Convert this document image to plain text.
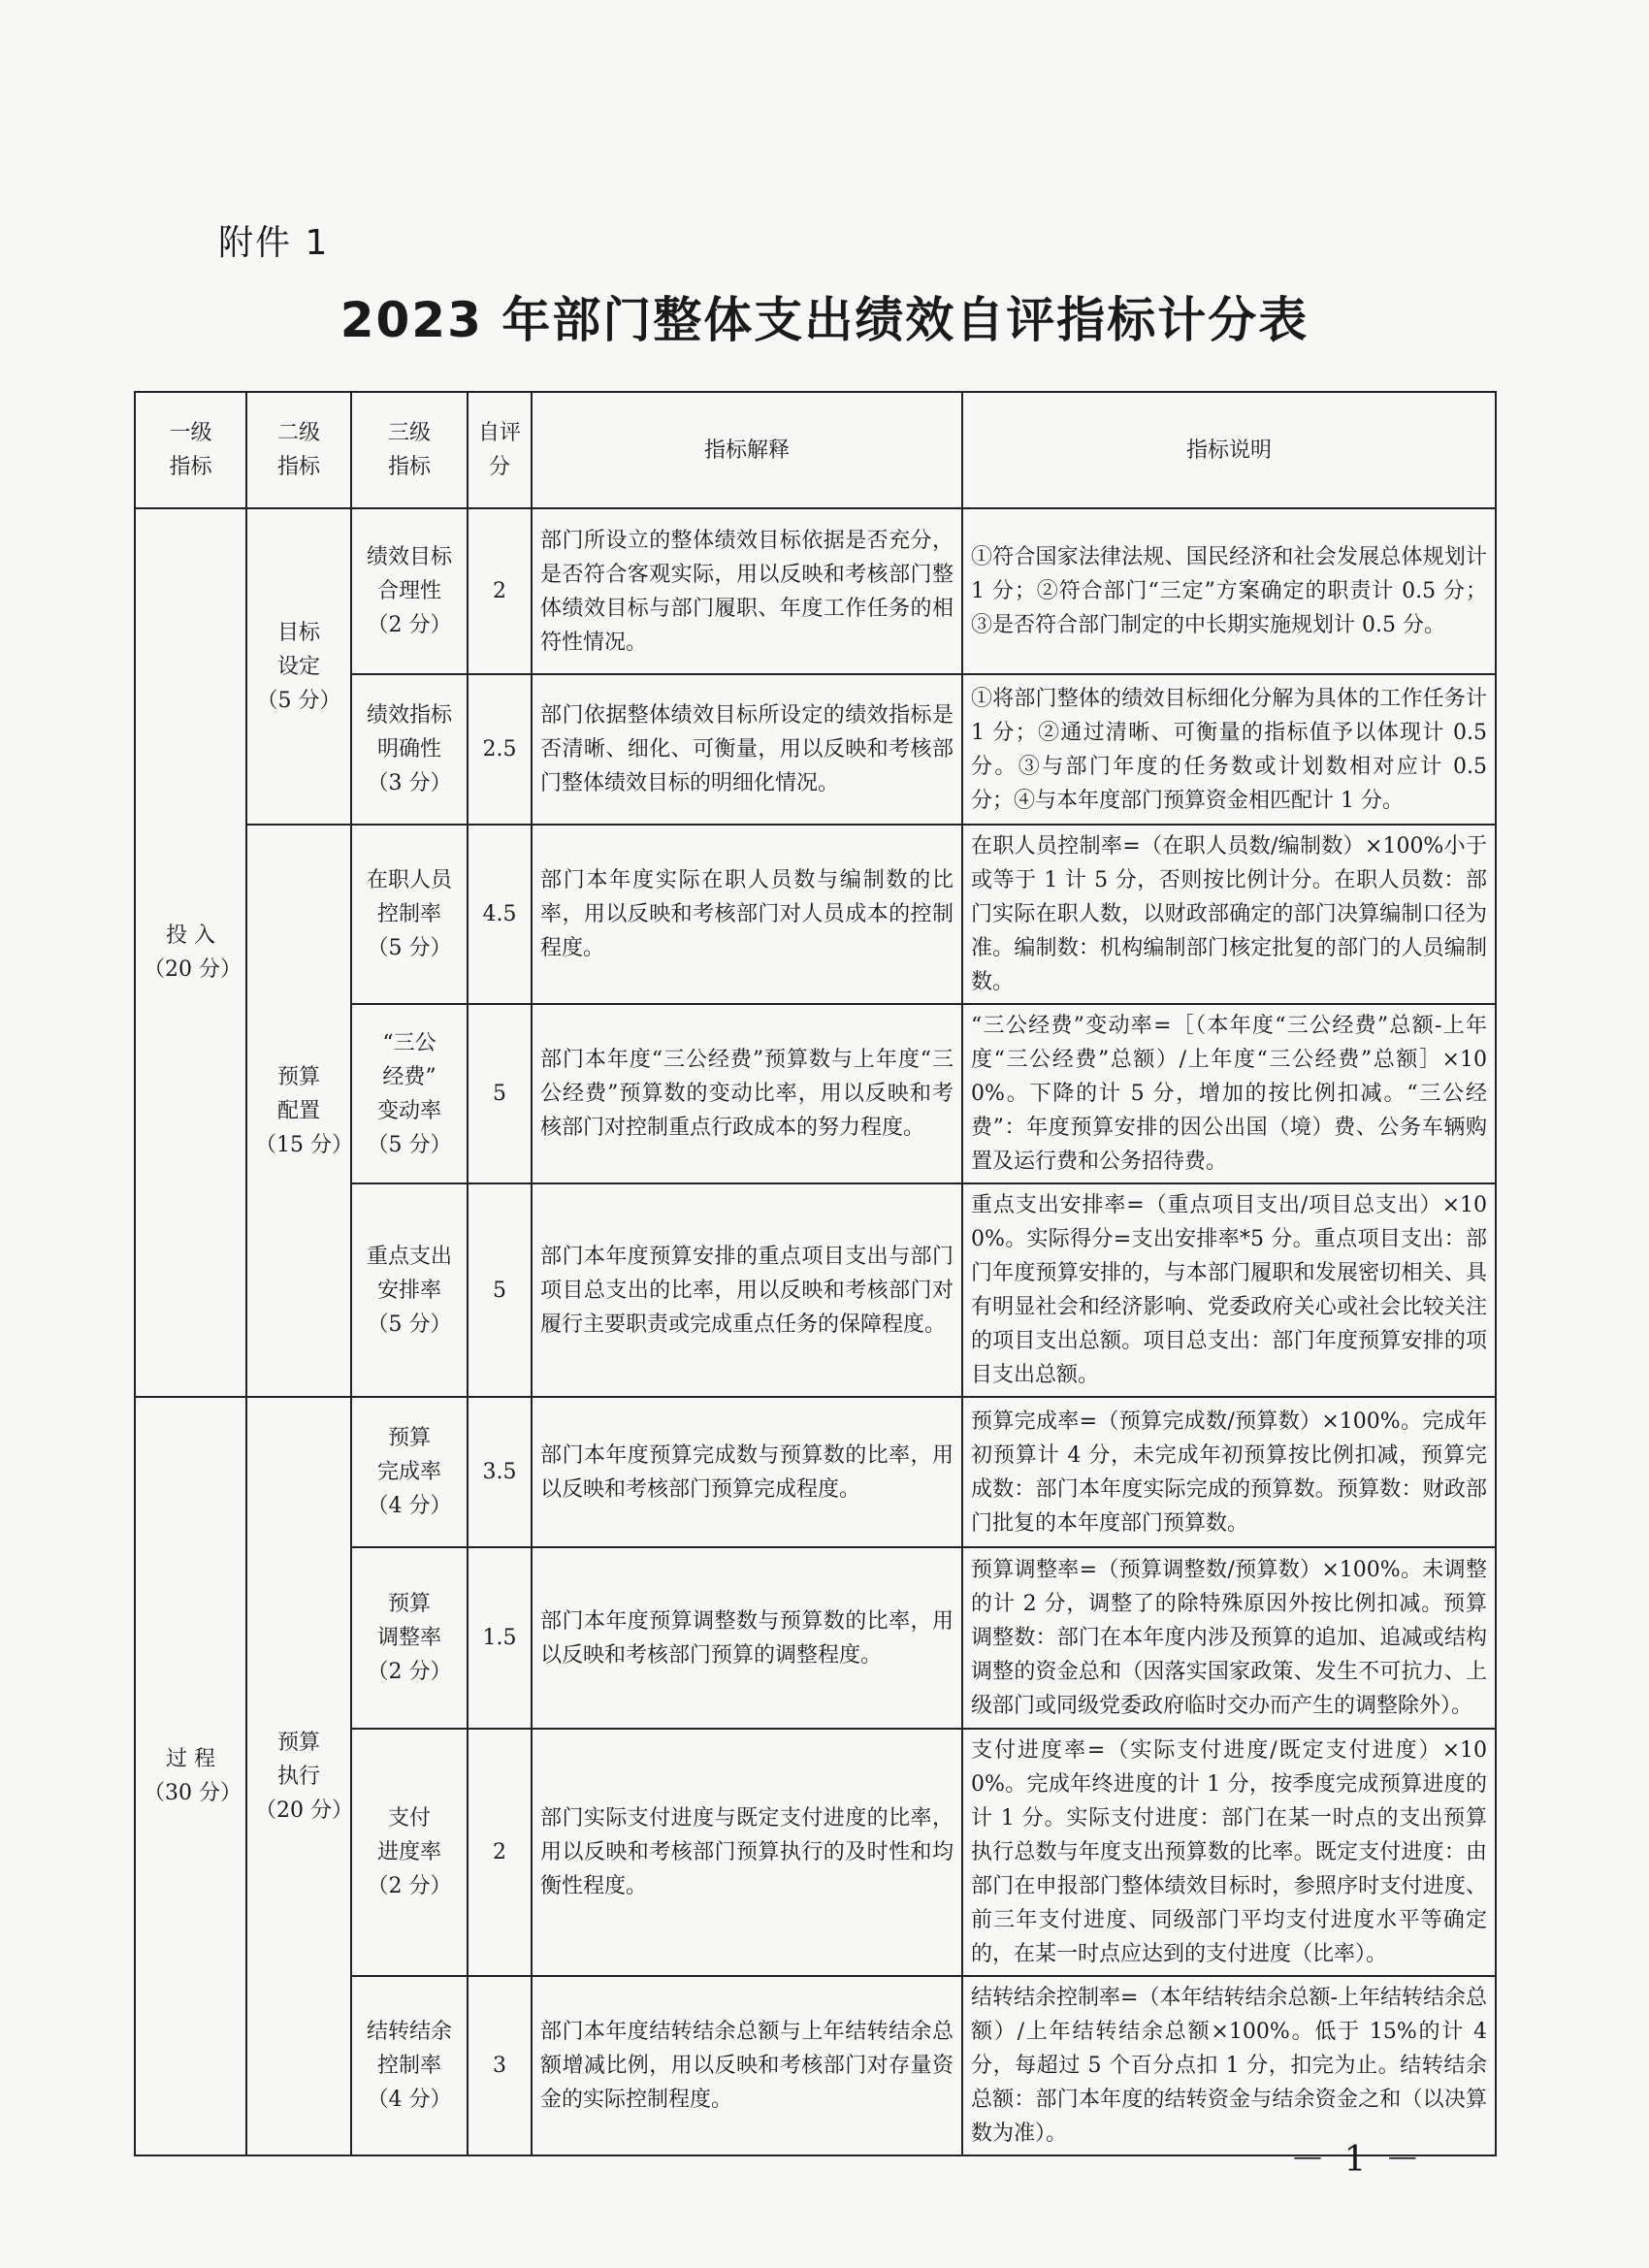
附件 1
2023 年部门整体支出绩效自评指标计分表
一级
指标	二级
指标	三级
指标	自评
分	指标解释	指标说明

投 入
（20 分）	目标
设定
（5 分）	绩效目标
合理性
（2 分）	2	部门所设立的整体绩效目标依据是否充分，是否符合客观实际，用以反映和考核部门整体绩效目标与部门履职、年度工作任务的相符性情况。	①符合国家法律法规、国民经济和社会发展总体规划计 1 分；②符合部门“三定”方案确定的职责计 0.5 分；③是否符合部门制定的中长期实施规划计 0.5 分。

		绩效指标
明确性
（3 分）	2.5	部门依据整体绩效目标所设定的绩效指标是否清晰、细化、可衡量，用以反映和考核部门整体绩效目标的明细化情况。	①将部门整体的绩效目标细化分解为具体的工作任务计 1 分；②通过清晰、可衡量的指标值予以体现计 0.5 分。③与部门年度的任务数或计划数相对应计 0.5 分；④与本年度部门预算资金相匹配计 1 分。

	预算
配置
（15 分）	在职人员
控制率
（5 分）	4.5	部门本年度实际在职人员数与编制数的比率，用以反映和考核部门对人员成本的控制程度。	在职人员控制率=（在职人员数/编制数）×100%小于或等于 1 计 5 分，否则按比例计分。在职人员数：部门实际在职人数，以财政部确定的部门决算编制口径为准。编制数：机构编制部门核定批复的部门的人员编制数。

		“三公
经费”
变动率
（5 分）	5	部门本年度“三公经费”预算数与上年度“三公经费”预算数的变动比率，用以反映和考核部门对控制重点行政成本的努力程度。	“三公经费”变动率=［（本年度“三公经费”总额-上年度“三公经费”总额）/上年度“三公经费”总额］×100%。下降的计 5 分，增加的按比例扣减。“三公经费”：年度预算安排的因公出国（境）费、公务车辆购置及运行费和公务招待费。

		重点支出
安排率
（5 分）	5	部门本年度预算安排的重点项目支出与部门项目总支出的比率，用以反映和考核部门对履行主要职责或完成重点任务的保障程度。	重点支出安排率=（重点项目支出/项目总支出）×100%。实际得分=支出安排率*5 分。重点项目支出：部门年度预算安排的，与本部门履职和发展密切相关、具有明显社会和经济影响、党委政府关心或社会比较关注的项目支出总额。项目总支出：部门年度预算安排的项目支出总额。

过 程
（30 分）	预算
执行
（20 分）	预算
完成率
（4 分）	3.5	部门本年度预算完成数与预算数的比率，用以反映和考核部门预算完成程度。	预算完成率=（预算完成数/预算数）×100%。完成年初预算计 4 分，未完成年初预算按比例扣减，预算完成数：部门本年度实际完成的预算数。预算数：财政部门批复的本年度部门预算数。

		预算
调整率
（2 分）	1.5	部门本年度预算调整数与预算数的比率，用以反映和考核部门预算的调整程度。	预算调整率=（预算调整数/预算数）×100%。未调整的计 2 分，调整了的除特殊原因外按比例扣减。预算调整数：部门在本年度内涉及预算的追加、追减或结构调整的资金总和（因落实国家政策、发生不可抗力、上级部门或同级党委政府临时交办而产生的调整除外）。

		支付
进度率
（2 分）	2	部门实际支付进度与既定支付进度的比率，用以反映和考核部门预算执行的及时性和均衡性程度。	支付进度率=（实际支付进度/既定支付进度）×100%。完成年终进度的计 1 分，按季度完成预算进度的计 1 分。实际支付进度：部门在某一时点的支出预算执行总数与年度支出预算数的比率。既定支付进度：由部门在申报部门整体绩效目标时，参照序时支付进度、前三年支付进度、同级部门平均支付进度水平等确定的，在某一时点应达到的支付进度（比率）。

		结转结余
控制率
（4 分）	3	部门本年度结转结余总额与上年结转结余总额增减比例，用以反映和考核部门对存量资金的实际控制程度。	结转结余控制率=（本年结转结余总额-上年结转结余总额）/上年结转结余总额×100%。低于 15%的计 4 分，每超过 5 个百分点扣 1 分，扣完为止。结转结余总额：部门本年度的结转资金与结余资金之和（以决算数为准）。
－ 1 －
